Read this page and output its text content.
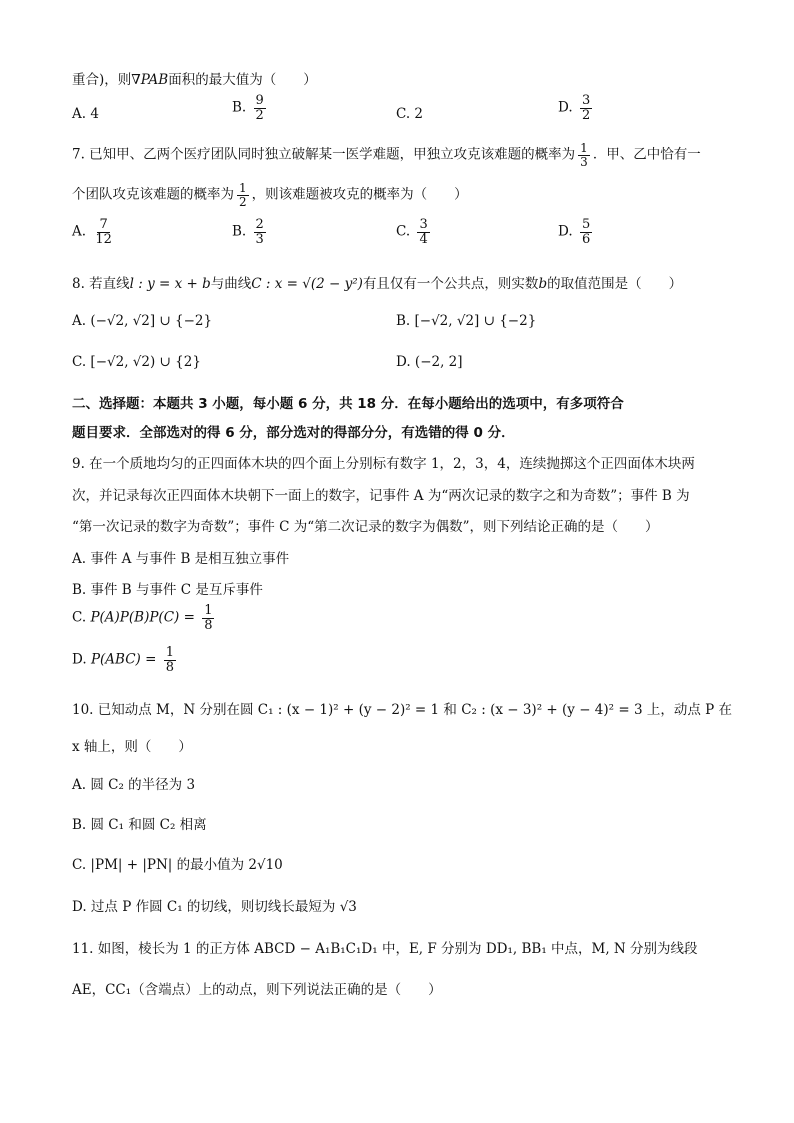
重合)，则∇PAB面积的最大值为（　　）
A. 4	B. $\frac{9}{2}$	C. 2	D. $\frac{3}{2}$
7. 已知甲、乙两个医疗团队同时独立破解某一医学难题，甲独立攻克该难题的概率为 $\frac{1}{3}$ ．甲、乙中恰有一
个团队攻克该难题的概率为 $\frac{1}{2}$ ，则该难题被攻克的概率为（　　）
A. $\frac{7}{12}$	B. $\frac{2}{3}$	C. $\frac{3}{4}$	D. $\frac{5}{6}$
8. 若直线l : y = x + b与曲线C : x = √(2 − y²)有且仅有一个公共点，则实数b的取值范围是（　　）
A. (−√2, √2] ∪ {−2}	B. [−√2, √2] ∪ {−2}
C. [−√2, √2) ∪ {2}	D. (−2, 2]
二、选择题：本题共 3 小题，每小题 6 分，共 18 分．在每小题给出的选项中，有多项符合
题目要求．全部选对的得 6 分，部分选对的得部分分，有选错的得 0 分．
9. 在一个质地均匀的正四面体木块的四个面上分别标有数字 1，2，3，4，连续抛掷这个正四面体木块两
次，并记录每次正四面体木块朝下一面上的数字，记事件 A 为“两次记录的数字之和为奇数”；事件 B 为
“第一次记录的数字为奇数”；事件 C 为“第二次记录的数字为偶数”，则下列结论正确的是（　　）
A. 事件 A 与事件 B 是相互独立事件
B. 事件 B 与事件 C 是互斥事件
C. $P(A)P(B)P(C) = \frac{1}{8}$
D. $P(ABC) = \frac{1}{8}$
10. 已知动点 M，N 分别在圆 C₁ : (x − 1)² + (y − 2)² = 1 和 C₂ : (x − 3)² + (y − 4)² = 3 上，动点 P 在
x 轴上，则（　　）
A. 圆 C₂ 的半径为 3
B. 圆 C₁ 和圆 C₂ 相离
C. |PM| + |PN| 的最小值为 2√10
D. 过点 P 作圆 C₁ 的切线，则切线长最短为 √3
11. 如图，棱长为 1 的正方体 ABCD − A₁B₁C₁D₁ 中，E, F 分别为 DD₁, BB₁ 中点，M, N 分别为线段
AE，CC₁（含端点）上的动点，则下列说法正确的是（　　）
